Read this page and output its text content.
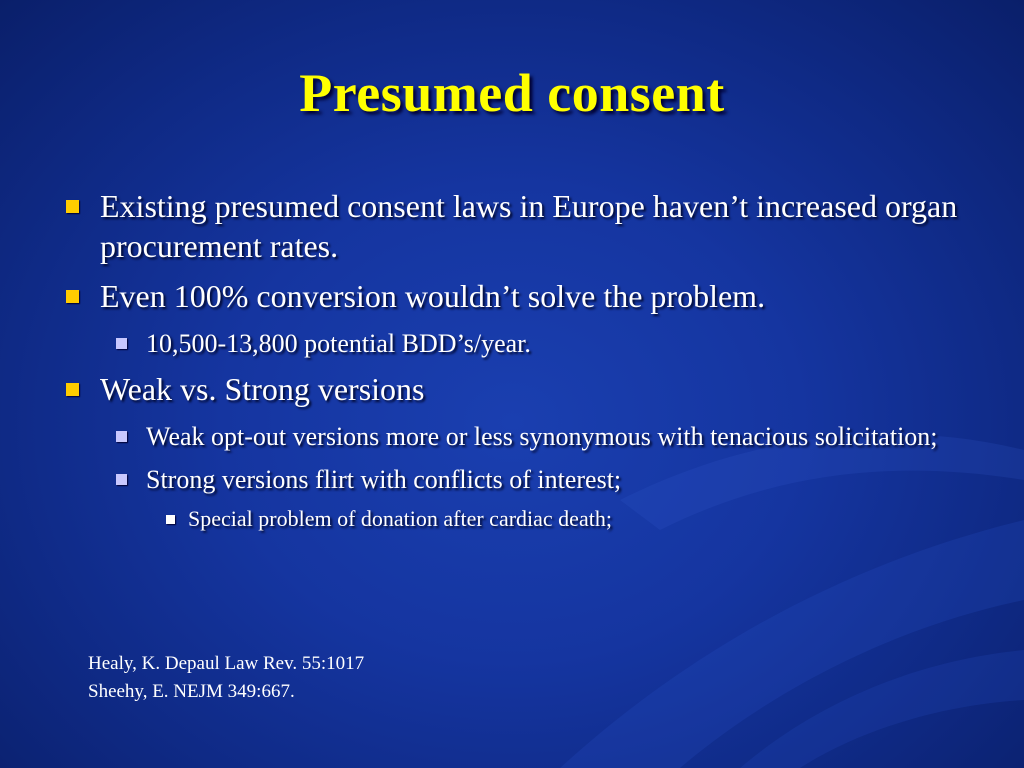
Presumed consent
Existing presumed consent laws in Europe haven’t increased organ procurement rates.
Even 100% conversion wouldn’t solve the problem.
10,500-13,800 potential BDD’s/year.
Weak vs. Strong versions
Weak opt-out versions more or less synonymous with tenacious solicitation;
Strong versions flirt with conflicts of interest;
Special problem of donation after cardiac death;
Healy, K. Depaul Law Rev. 55:1017
Sheehy, E. NEJM 349:667.
